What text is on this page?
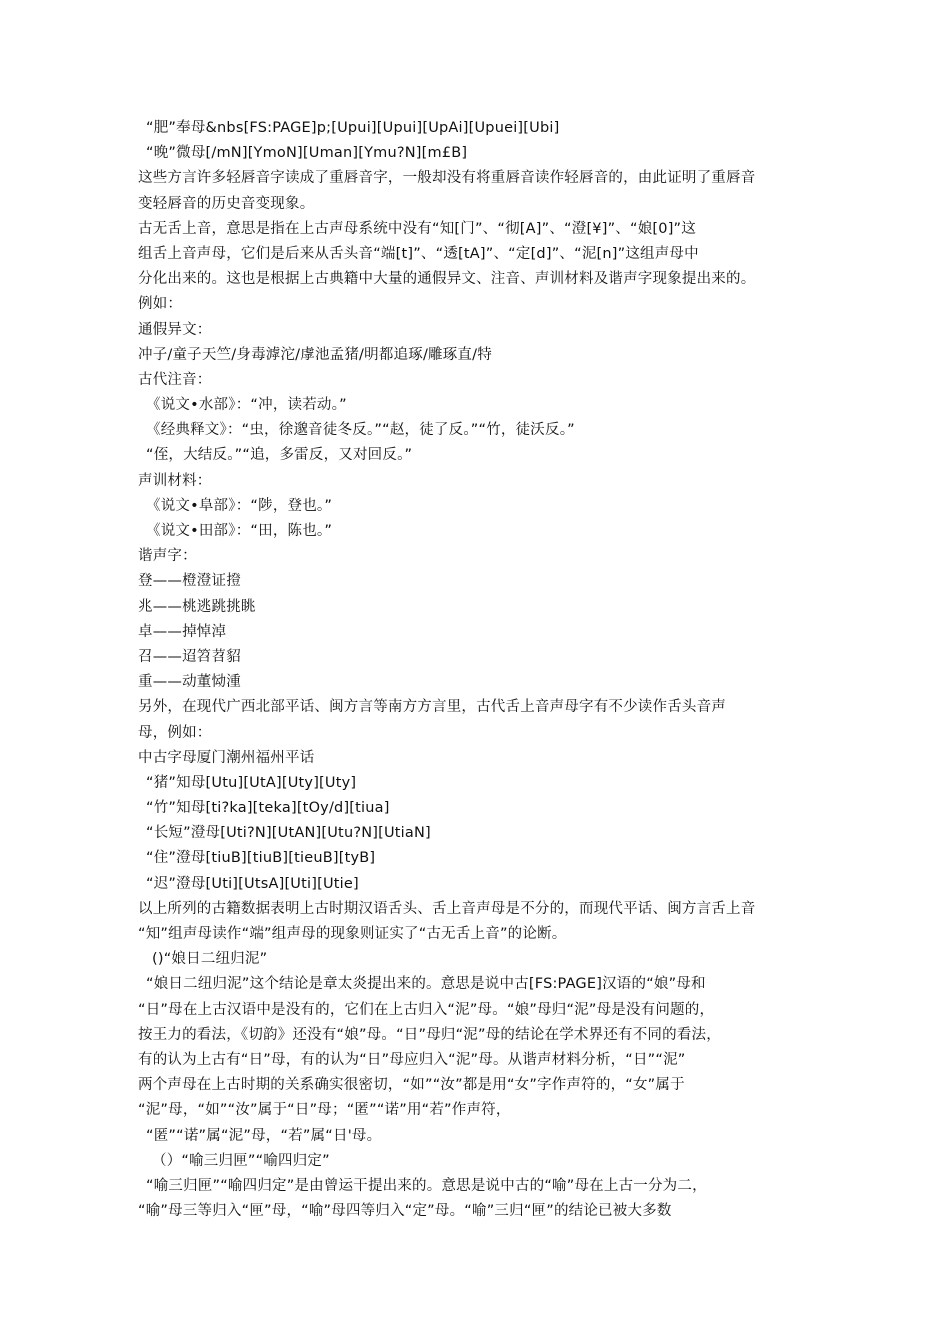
“肥”奉母&nbs[FS:PAGE]p;[Upui][Upui][UpAi][Upuei][Ubi]
“晚”微母[/mN][YmoN][Uman][Ymu?N][m£B]
这些方言许多轻唇音字读成了重唇音字，一般却没有将重唇音读作轻唇音的，由此证明了重唇音
变轻唇音的历史音变现象。
古无舌上音，意思是指在上古声母系统中没有“知[门”、“彻[A]”、“澄[¥]”、“娘[0]”这
组舌上音声母，它们是后来从舌头音“端[t]”、“透[tA]”、“定[d]”、“泥[n]”这组声母中
分化出来的。这也是根据上古典籍中大量的通假异文、注音、声训材料及谐声字现象提出来的。
例如：
通假异文：
冲子/童子天竺/身毒滹沱/虖池孟猪/明都追琢/雕琢直/特
古代注音：
《说文•水部》：“冲，读若动。”
《经典释文》：“虫，徐邈音徒冬反。”“赵，徒了反。”“竹，徒沃反。”
“侄，大结反。”“追，多雷反，又对回反。”
声训材料：
《说文•阜部》：“陟，登也。”
《说文•田部》：“田，陈也。”
谐声字：
登——橙澄证撜
兆——桃逃跳挑眺
卓——掉悼淖
召——迢笤苕貂
重——动董恸湩
另外，在现代广西北部平话、闽方言等南方方言里，古代舌上音声母字有不少读作舌头音声
母，例如：
中古字母厦门潮州福州平话
“猪”知母[Utu][UtA][Uty][Uty]
“竹”知母[ti?ka][teka][tOy/d][tiua]
“长短”澄母[Uti?N][UtAN][Utu?N][UtiaN]
“住”澄母[tiuB][tiuB][tieuB][tyB]
“迟”澄母[Uti][UtsA][Uti][Utie]
以上所列的古籍数据表明上古时期汉语舌头、舌上音声母是不分的，而现代平话、闽方言舌上音
“知”组声母读作“端”组声母的现象则证实了“古无舌上音”的论断。
()“娘日二纽归泥”
“娘日二纽归泥”这个结论是章太炎提出来的。意思是说中古[FS:PAGE]汉语的“娘”母和
“日”母在上古汉语中是没有的，它们在上古归入“泥”母。“娘”母归“泥”母是没有问题的，
按王力的看法，《切韵》还没有“娘”母。“日”母归“泥”母的结论在学术界还有不同的看法，
有的认为上古有“日”母，有的认为“日”母应归入“泥”母。从谐声材料分析，“日”“泥”
两个声母在上古时期的关系确实很密切，“如”“汝”都是用“女”字作声符的，“女”属于
“泥”母，“如”“汝”属于“日”母；“匿”“诺”用“若”作声符，
“匿”“诺”属“泥”母，“若”属“日'母。
（）“喻三归匣”“喻四归定”
“喻三归匣”“喻四归定”是由曾运干提出来的。意思是说中古的“喻”母在上古一分为二，
“喻”母三等归入“匣”母，“喻”母四等归入“定”母。“喻”三归“匣”的结论已被大多数
